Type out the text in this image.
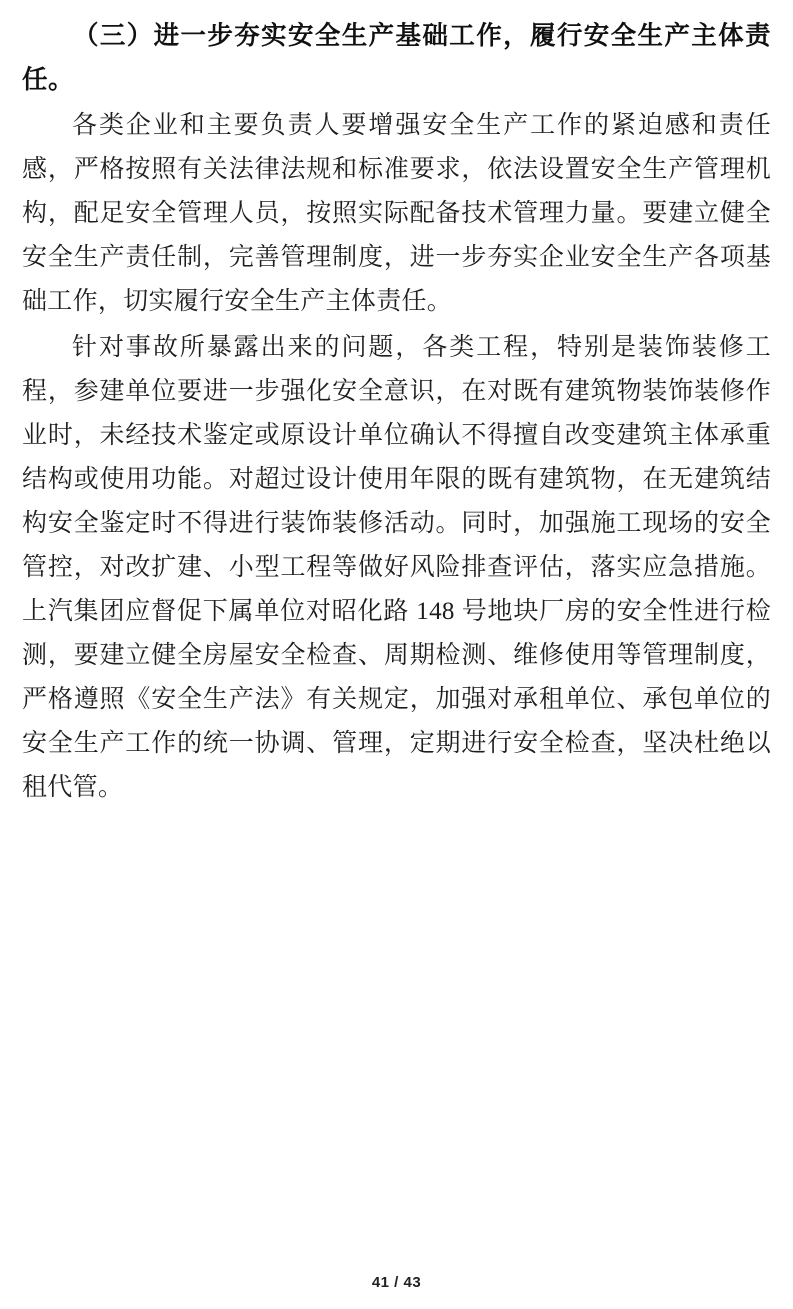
（三）进一步夯实安全生产基础工作，履行安全生产主体责任。

各类企业和主要负责人要增强安全生产工作的紧迫感和责任感，严格按照有关法律法规和标准要求，依法设置安全生产管理机构，配足安全管理人员，按照实际配备技术管理力量。要建立健全安全生产责任制，完善管理制度，进一步夯实企业安全生产各项基础工作，切实履行安全生产主体责任。

针对事故所暴露出来的问题，各类工程，特别是装饰装修工程，参建单位要进一步强化安全意识，在对既有建筑物装饰装修作业时，未经技术鉴定或原设计单位确认不得擅自改变建筑主体承重结构或使用功能。对超过设计使用年限的既有建筑物，在无建筑结构安全鉴定时不得进行装饰装修活动。同时，加强施工现场的安全管控，对改扩建、小型工程等做好风险排查评估，落实应急措施。上汽集团应督促下属单位对昭化路 148 号地块厂房的安全性进行检测，要建立健全房屋安全检查、周期检测、维修使用等管理制度，严格遵照《安全生产法》有关规定，加强对承租单位、承包单位的安全生产工作的统一协调、管理，定期进行安全检查，坚决杜绝以租代管。

41 / 43
